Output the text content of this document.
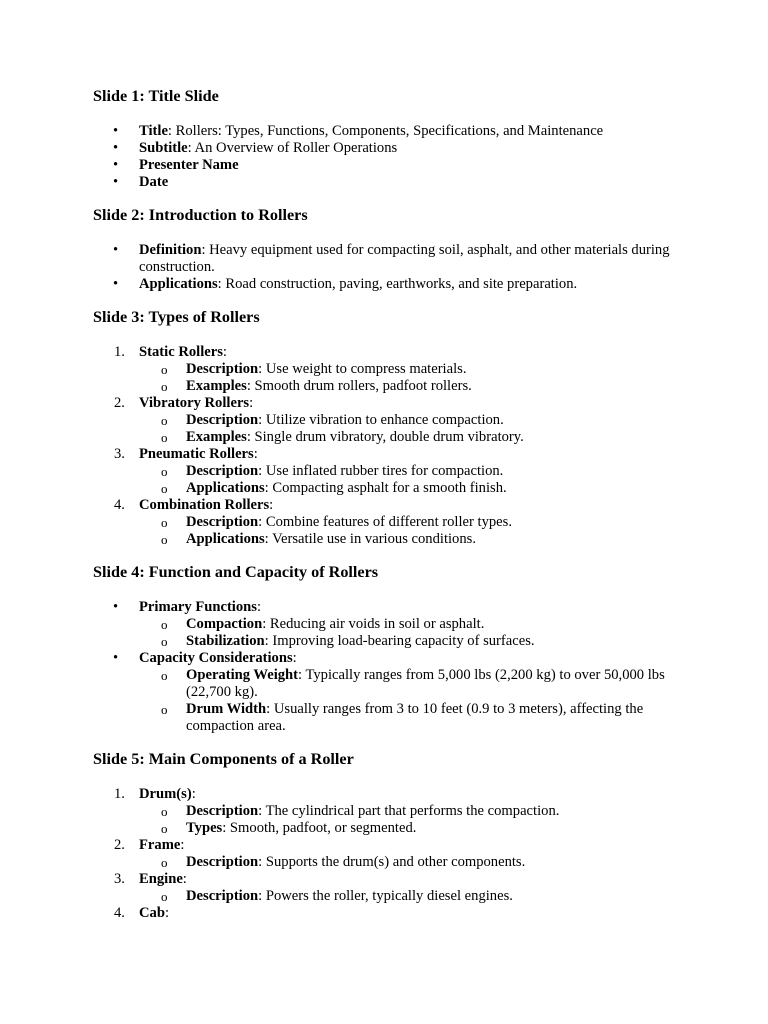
Slide 1: Title Slide
• Title: Rollers: Types, Functions, Components, Specifications, and Maintenance
• Subtitle: An Overview of Roller Operations
• Presenter Name
• Date
Slide 2: Introduction to Rollers
• Definition: Heavy equipment used for compacting soil, asphalt, and other materials during construction.
• Applications: Road construction, paving, earthworks, and site preparation.
Slide 3: Types of Rollers
1. Static Rollers:
o Description: Use weight to compress materials.
o Examples: Smooth drum rollers, padfoot rollers.
2. Vibratory Rollers:
o Description: Utilize vibration to enhance compaction.
o Examples: Single drum vibratory, double drum vibratory.
3. Pneumatic Rollers:
o Description: Use inflated rubber tires for compaction.
o Applications: Compacting asphalt for a smooth finish.
4. Combination Rollers:
o Description: Combine features of different roller types.
o Applications: Versatile use in various conditions.
Slide 4: Function and Capacity of Rollers
• Primary Functions:
o Compaction: Reducing air voids in soil or asphalt.
o Stabilization: Improving load-bearing capacity of surfaces.
• Capacity Considerations:
o Operating Weight: Typically ranges from 5,000 lbs (2,200 kg) to over 50,000 lbs (22,700 kg).
o Drum Width: Usually ranges from 3 to 10 feet (0.9 to 3 meters), affecting the compaction area.
Slide 5: Main Components of a Roller
1. Drum(s):
o Description: The cylindrical part that performs the compaction.
o Types: Smooth, padfoot, or segmented.
2. Frame:
o Description: Supports the drum(s) and other components.
3. Engine:
o Description: Powers the roller, typically diesel engines.
4. Cab:
